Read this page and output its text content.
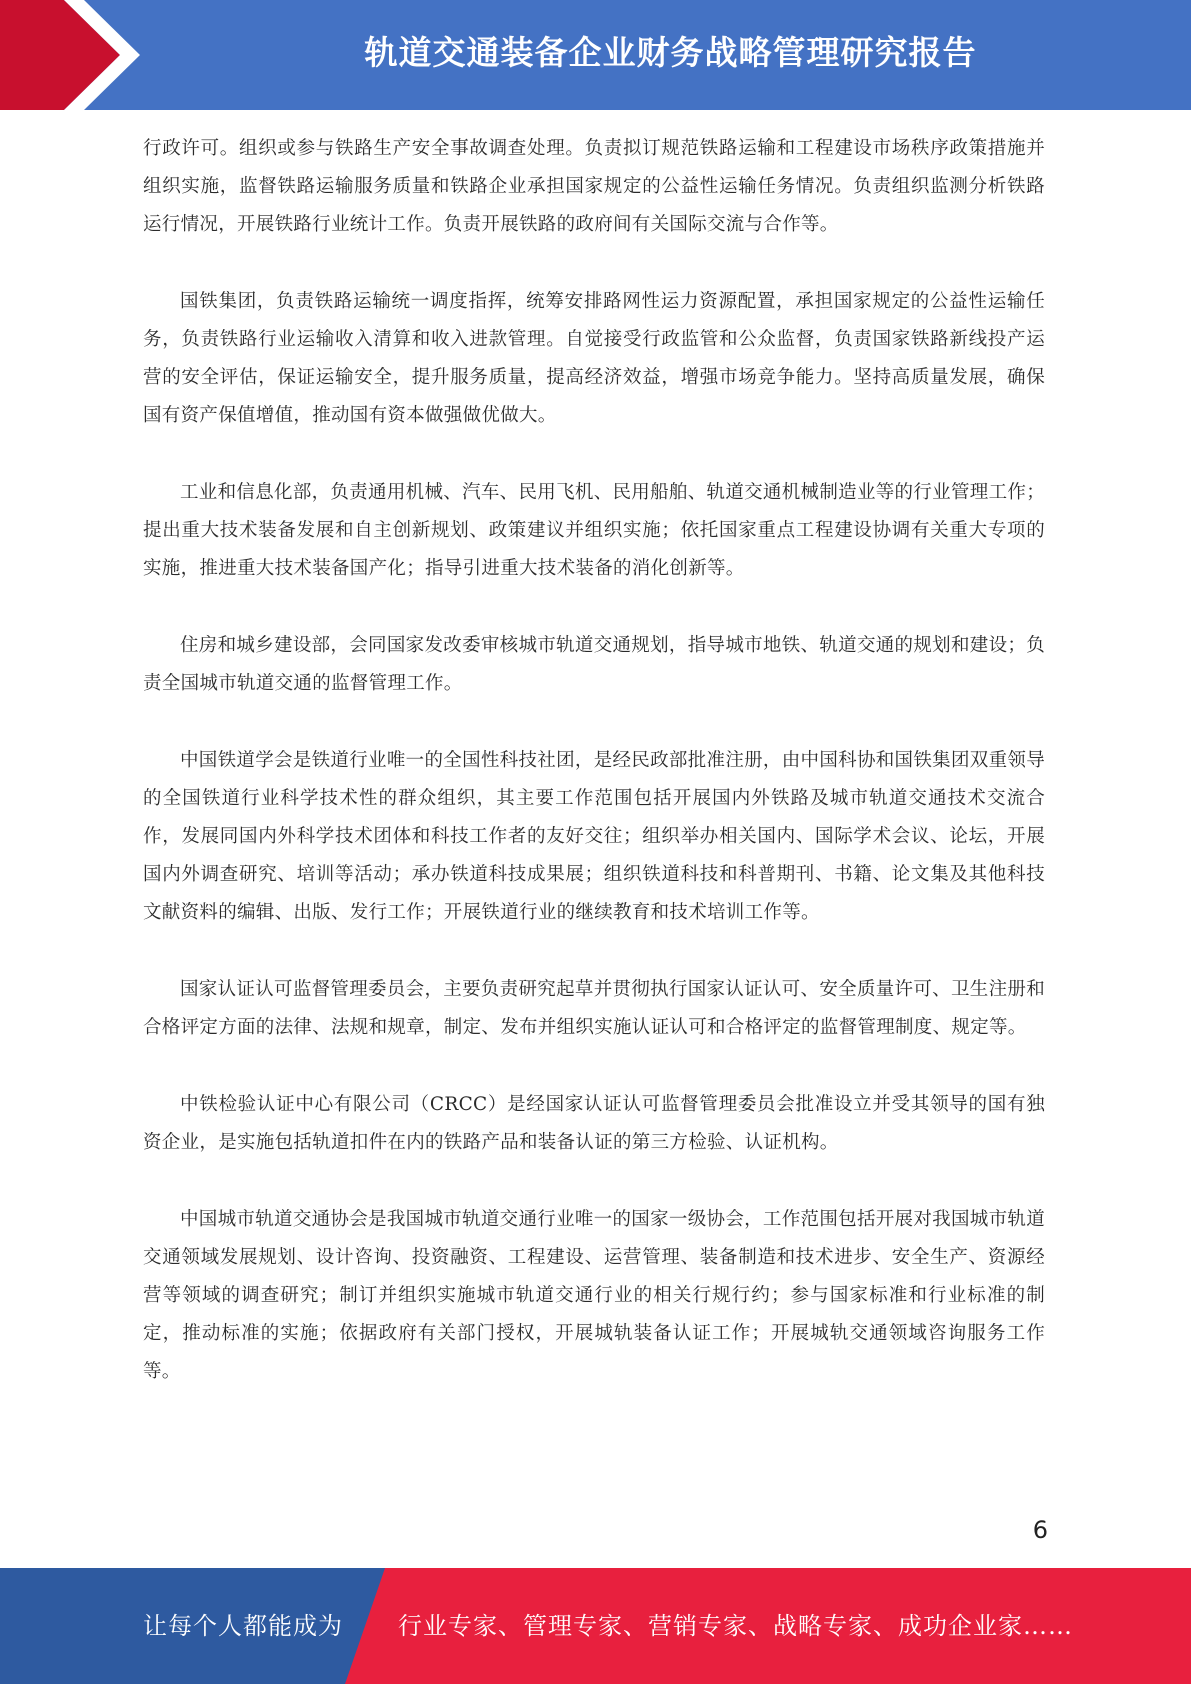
轨道交通装备企业财务战略管理研究报告

行政许可。组织或参与铁路生产安全事故调查处理。负责拟订规范铁路运输和工程建设市场秩序政策措施并组织实施，监督铁路运输服务质量和铁路企业承担国家规定的公益性运输任务情况。负责组织监测分析铁路运行情况，开展铁路行业统计工作。负责开展铁路的政府间有关国际交流与合作等。

国铁集团，负责铁路运输统一调度指挥，统筹安排路网性运力资源配置，承担国家规定的公益性运输任务，负责铁路行业运输收入清算和收入进款管理。自觉接受行政监管和公众监督，负责国家铁路新线投产运营的安全评估，保证运输安全，提升服务质量，提高经济效益，增强市场竞争能力。坚持高质量发展，确保国有资产保值增值，推动国有资本做强做优做大。

工业和信息化部，负责通用机械、汽车、民用飞机、民用船舶、轨道交通机械制造业等的行业管理工作；提出重大技术装备发展和自主创新规划、政策建议并组织实施；依托国家重点工程建设协调有关重大专项的实施，推进重大技术装备国产化；指导引进重大技术装备的消化创新等。

住房和城乡建设部，会同国家发改委审核城市轨道交通规划，指导城市地铁、轨道交通的规划和建设；负责全国城市轨道交通的监督管理工作。

中国铁道学会是铁道行业唯一的全国性科技社团，是经民政部批准注册，由中国科协和国铁集团双重领导的全国铁道行业科学技术性的群众组织，其主要工作范围包括开展国内外铁路及城市轨道交通技术交流合作，发展同国内外科学技术团体和科技工作者的友好交往；组织举办相关国内、国际学术会议、论坛，开展国内外调查研究、培训等活动；承办铁道科技成果展；组织铁道科技和科普期刊、书籍、论文集及其他科技文献资料的编辑、出版、发行工作；开展铁道行业的继续教育和技术培训工作等。

国家认证认可监督管理委员会，主要负责研究起草并贯彻执行国家认证认可、安全质量许可、卫生注册和合格评定方面的法律、法规和规章，制定、发布并组织实施认证认可和合格评定的监督管理制度、规定等。

中铁检验认证中心有限公司（CRCC）是经国家认证认可监督管理委员会批准设立并受其领导的国有独资企业，是实施包括轨道扣件在内的铁路产品和装备认证的第三方检验、认证机构。

中国城市轨道交通协会是我国城市轨道交通行业唯一的国家一级协会，工作范围包括开展对我国城市轨道交通领域发展规划、设计咨询、投资融资、工程建设、运营管理、装备制造和技术进步、安全生产、资源经营等领域的调查研究；制订并组织实施城市轨道交通行业的相关行规行约；参与国家标准和行业标准的制定，推动标准的实施；依据政府有关部门授权，开展城轨装备认证工作；开展城轨交通领域咨询服务工作等。

6
让每个人都能成为 行业专家、管理专家、营销专家、战略专家、成功企业家……
